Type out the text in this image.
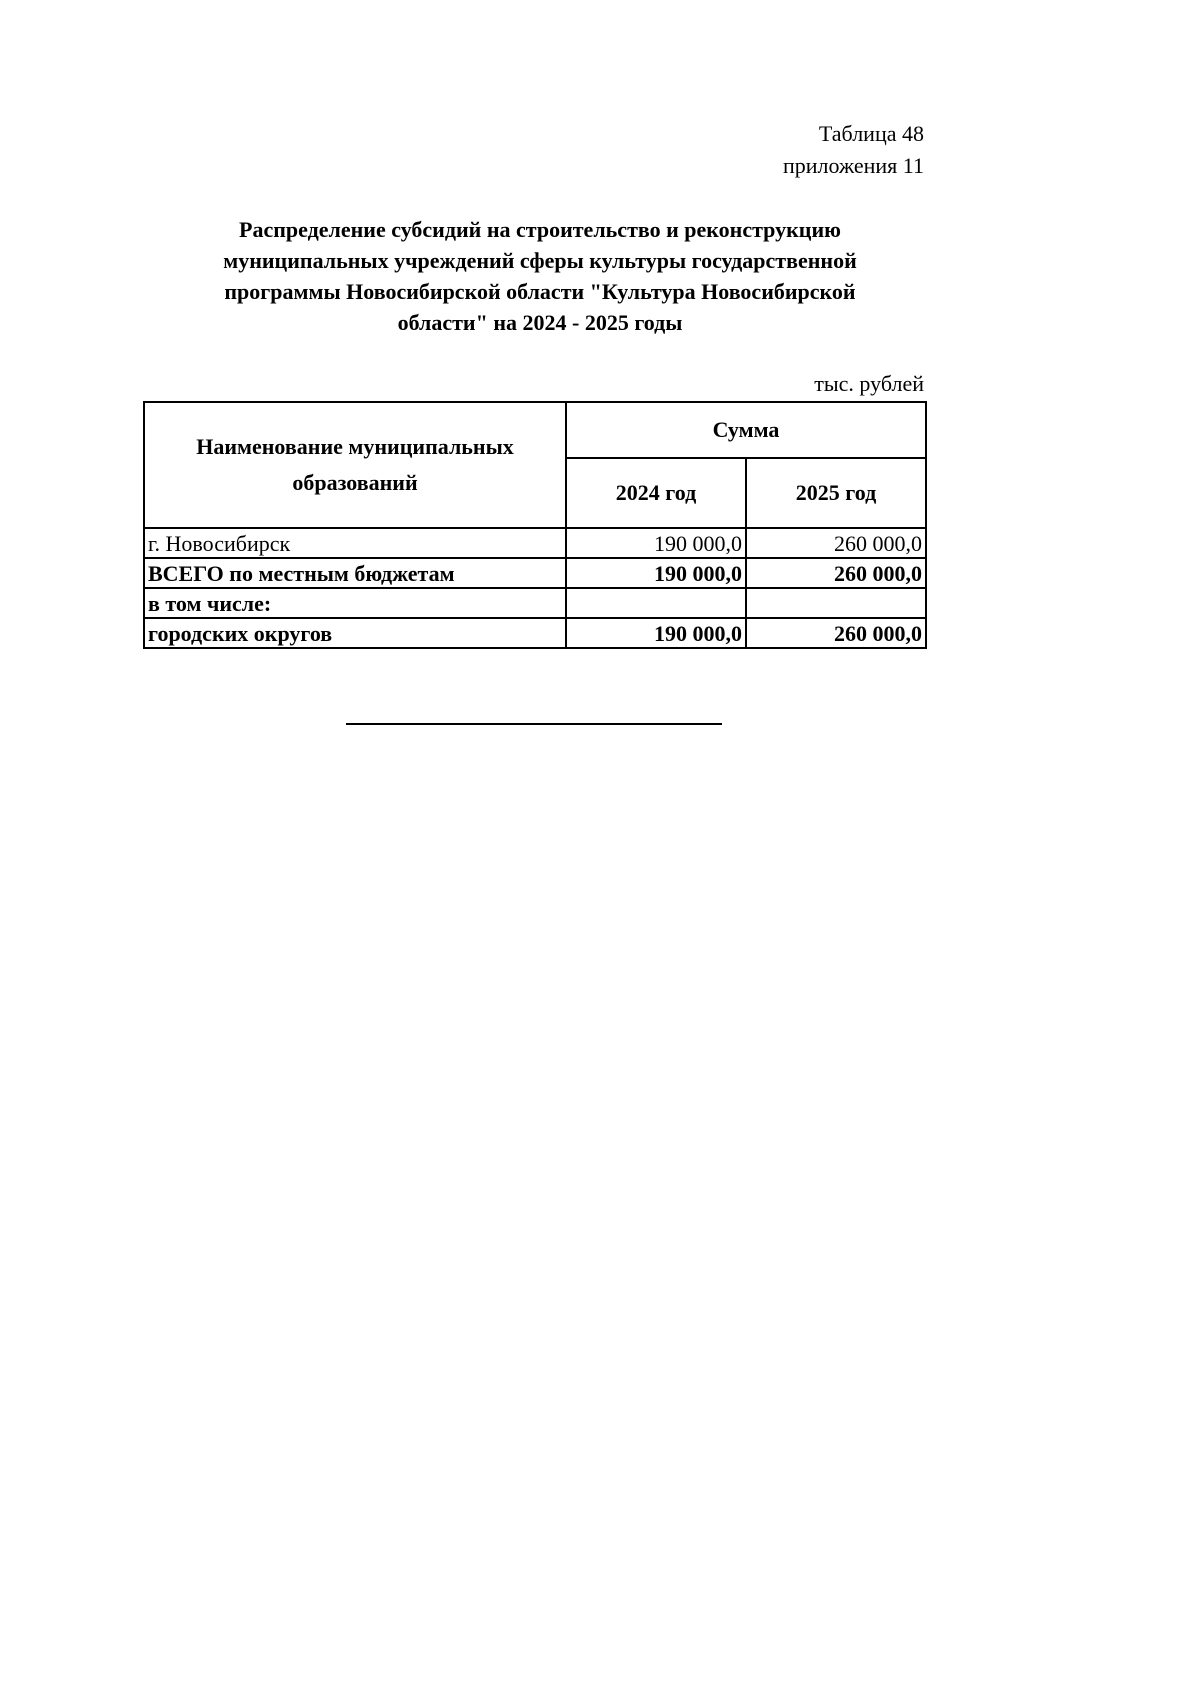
Таблица 48
приложения 11
Распределение субсидий на строительство и реконструкцию
муниципальных учреждений сферы культуры государственной
программы Новосибирской области "Культура Новосибирской
области" на 2024 - 2025 годы
тыс. рублей
Наименование муниципальных образований	Сумма	
	2024 год	2025 год
г. Новосибирск	190 000,0	260 000,0
ВСЕГО по местным бюджетам	190 000,0	260 000,0
в том числе:		
городских округов	190 000,0	260 000,0
